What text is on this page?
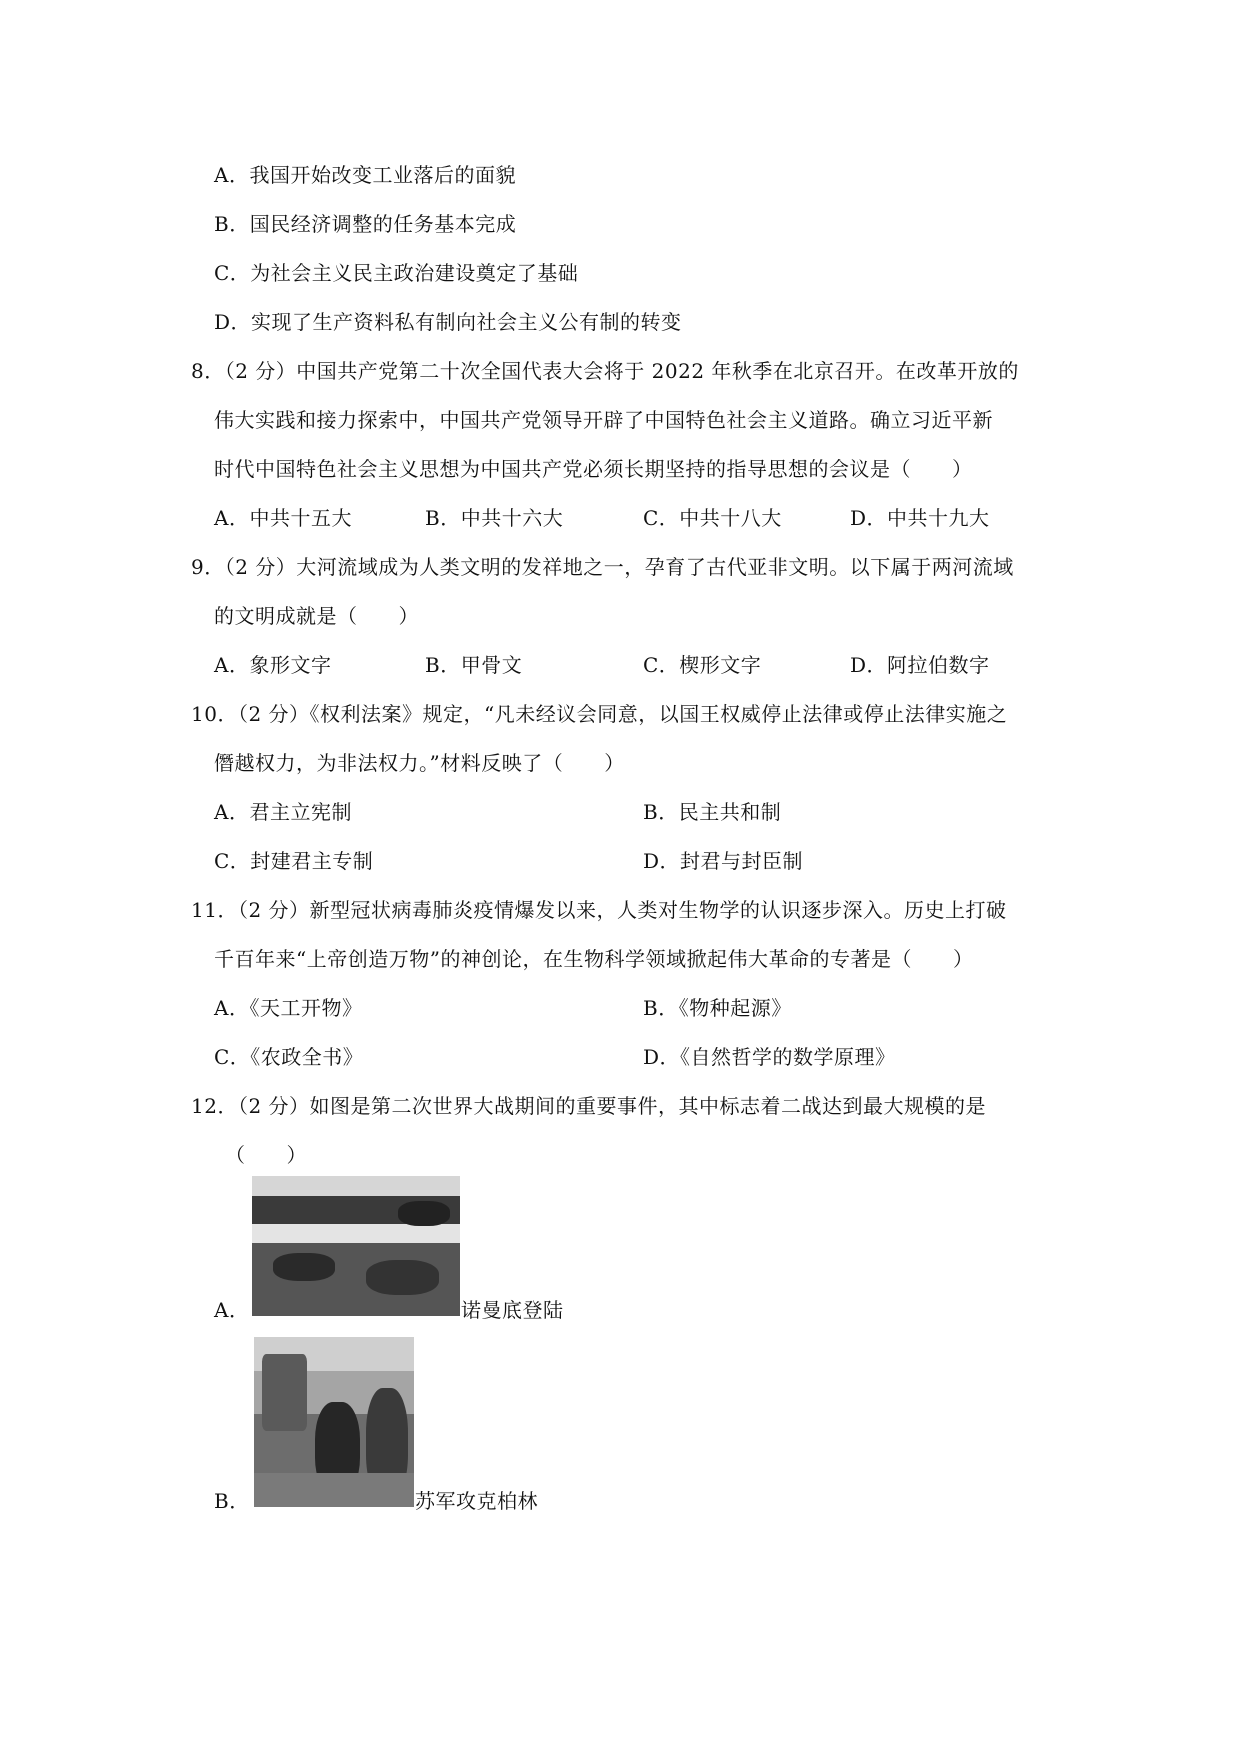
A．我国开始改变工业落后的面貌
B．国民经济调整的任务基本完成
C．为社会主义民主政治建设奠定了基础
D．实现了生产资料私有制向社会主义公有制的转变
8．（2 分）中国共产党第二十次全国代表大会将于 2022 年秋季在北京召开。在改革开放的
伟大实践和接力探索中，中国共产党领导开辟了中国特色社会主义道路。确立习近平新
时代中国特色社会主义思想为中国共产党必须长期坚持的指导思想的会议是（　　）
A．中共十五大	B．中共十六大	C．中共十八大	D．中共十九大
9．（2 分）大河流域成为人类文明的发祥地之一，孕育了古代亚非文明。以下属于两河流域
的文明成就是（　　）
A．象形文字	B．甲骨文	C．楔形文字	D．阿拉伯数字
10．（2 分）《权利法案》规定，“凡未经议会同意，以国王权威停止法律或停止法律实施之
僭越权力，为非法权力。”材料反映了（　　）
A．君主立宪制	B．民主共和制
C．封建君主专制	D．封君与封臣制
11．（2 分）新型冠状病毒肺炎疫情爆发以来，人类对生物学的认识逐步深入。历史上打破
千百年来“上帝创造万物”的神创论，在生物科学领域掀起伟大革命的专著是（　　）
A．《天工开物》	B．《物种起源》
C．《农政全书》	D．《自然哲学的数学原理》
12．（2 分）如图是第二次世界大战期间的重要事件，其中标志着二战达到最大规模的是
（　　）
A．	诺曼底登陆
B．	苏军攻克柏林
